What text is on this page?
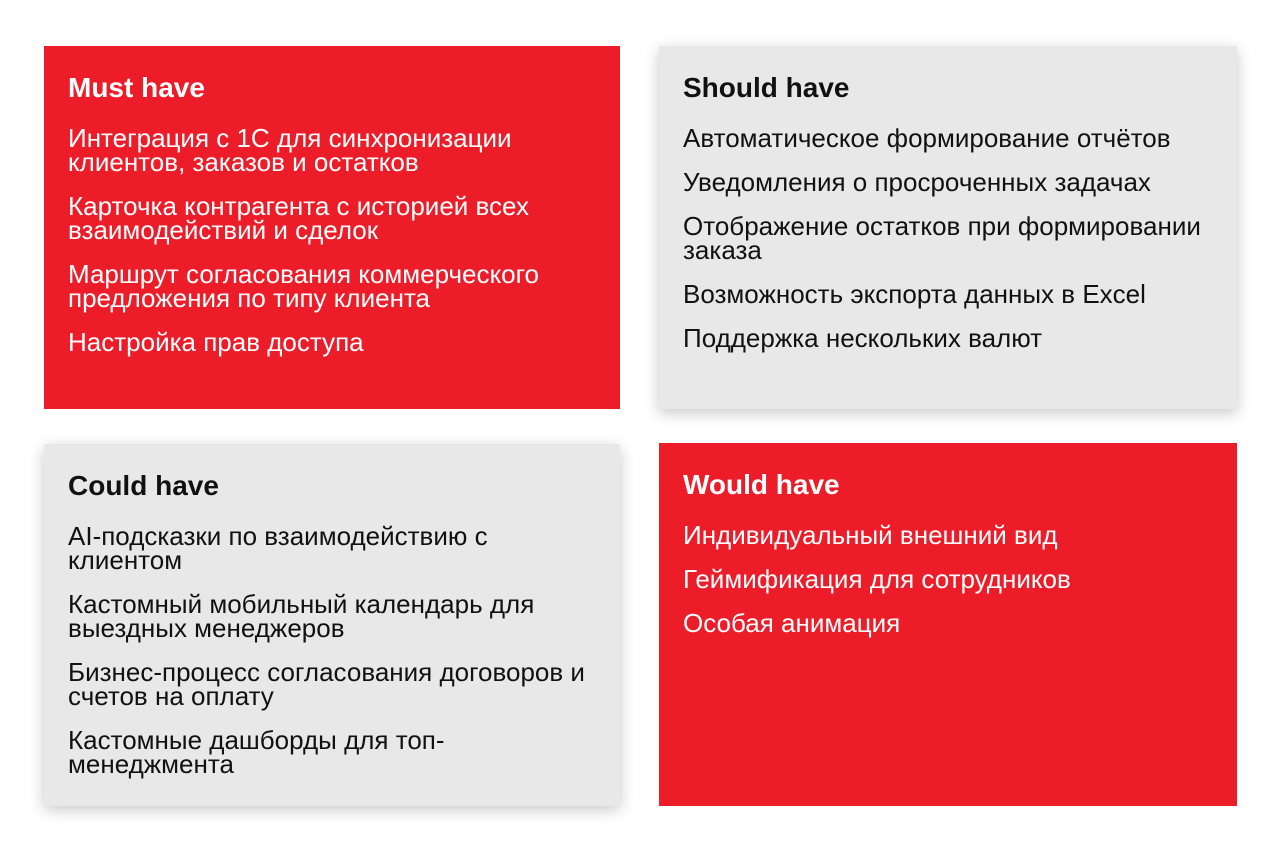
Must have
Интеграция с 1С для синхронизации клиентов, заказов и остатков
Карточка контрагента с историей всех взаимодействий и сделок
Маршрут согласования коммерческого предложения по типу клиента
Настройка прав доступа
Should have
Автоматическое формирование отчётов
Уведомления о просроченных задачах
Отображение остатков при формировании заказа
Возможность экспорта данных в Excel
Поддержка нескольких валют
Could have
AI-подсказки по взаимодействию с клиентом
Кастомный мобильный календарь для выездных менеджеров
Бизнес-процесс согласования договоров и счетов на оплату
Кастомные дашборды для топ-менеджмента
Would have
Индивидуальный внешний вид
Геймификация для сотрудников
Особая анимация
